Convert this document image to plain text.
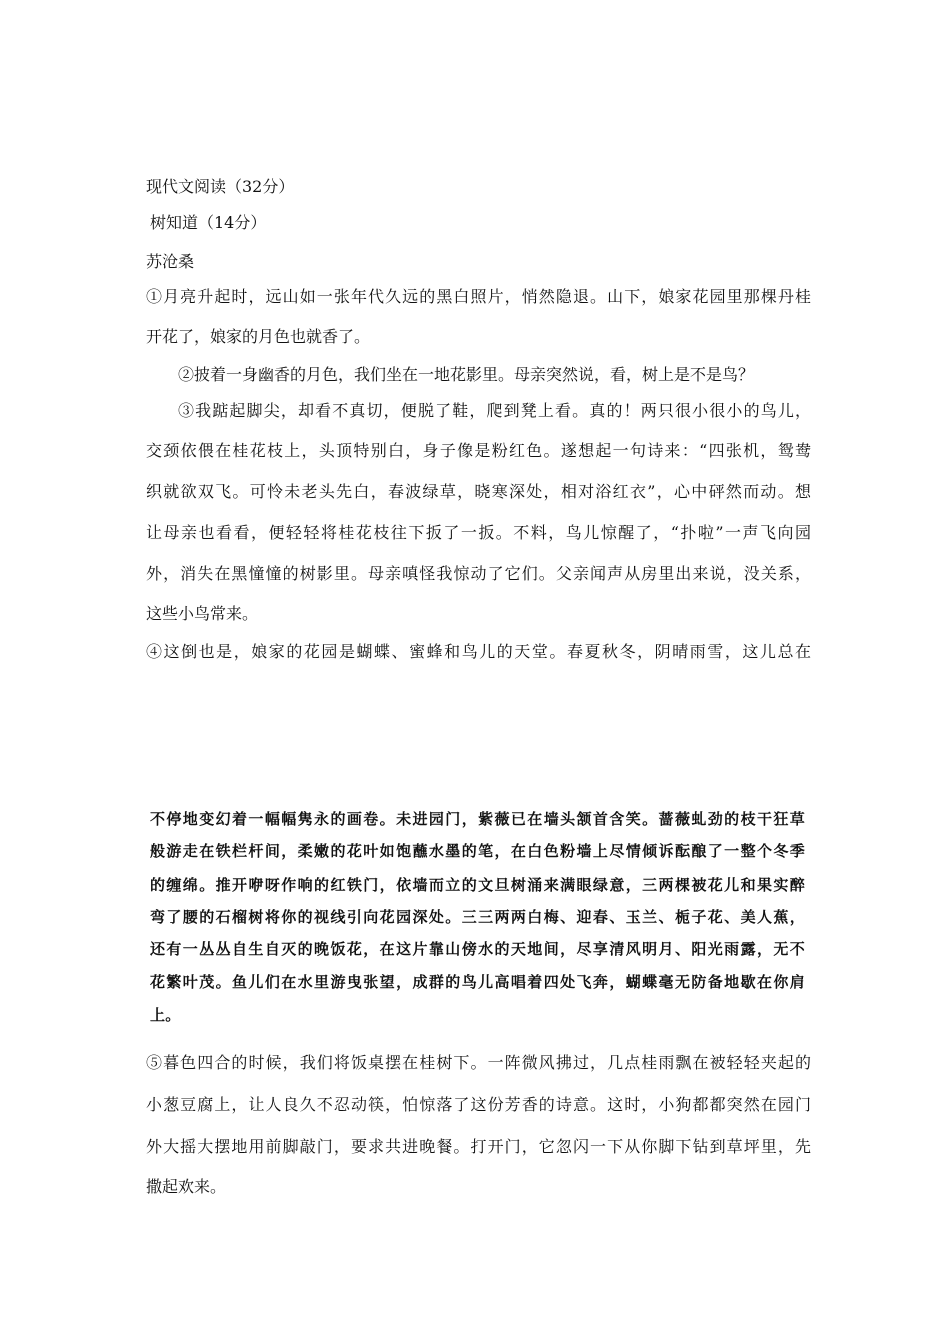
现代文阅读（32分）
树知道（14分）
苏沧桑
①月亮升起时，远山如一张年代久远的黑白照片，悄然隐退。山下，娘家花园里那棵丹桂
开花了，娘家的月色也就香了。
②披着一身幽香的月色，我们坐在一地花影里。母亲突然说，看，树上是不是鸟？
③我踮起脚尖，却看不真切，便脱了鞋，爬到凳上看。真的！两只很小很小的鸟儿，
交颈依偎在桂花枝上，头顶特别白，身子像是粉红色。遂想起一句诗来：“四张机，鸳鸯
织就欲双飞。可怜未老头先白，春波绿草，晓寒深处，相对浴红衣”，心中砰然而动。想
让母亲也看看，便轻轻将桂花枝往下扳了一扳。不料，鸟儿惊醒了，“扑啦”一声飞向园
外，消失在黑憧憧的树影里。母亲嗔怪我惊动了它们。父亲闻声从房里出来说，没关系，
这些小鸟常来。
④这倒也是，娘家的花园是蝴蝶、蜜蜂和鸟儿的天堂。春夏秋冬，阴晴雨雪，这儿总在
不停地变幻着一幅幅隽永的画卷。未进园门，紫薇已在墙头颔首含笑。蔷薇虬劲的枝干狂草
般游走在铁栏杆间，柔嫩的花叶如饱蘸水墨的笔，在白色粉墙上尽情倾诉酝酿了一整个冬季
的缠绵。推开咿呀作响的红铁门，依墙而立的文旦树涌来满眼绿意，三两棵被花儿和果实醉
弯了腰的石榴树将你的视线引向花园深处。三三两两白梅、迎春、玉兰、栀子花、美人蕉，
还有一丛丛自生自灭的晚饭花，在这片靠山傍水的天地间，尽享清风明月、阳光雨露，无不
花繁叶茂。鱼儿们在水里游曳张望，成群的鸟儿高唱着四处飞奔，蝴蝶毫无防备地歇在你肩
上。
⑤暮色四合的时候，我们将饭桌摆在桂树下。一阵微风拂过，几点桂雨飘在被轻轻夹起的
小葱豆腐上，让人良久不忍动筷，怕惊落了这份芳香的诗意。这时，小狗都都突然在园门
外大摇大摆地用前脚敲门，要求共进晚餐。打开门，它忽闪一下从你脚下钻到草坪里，先
撒起欢来。
